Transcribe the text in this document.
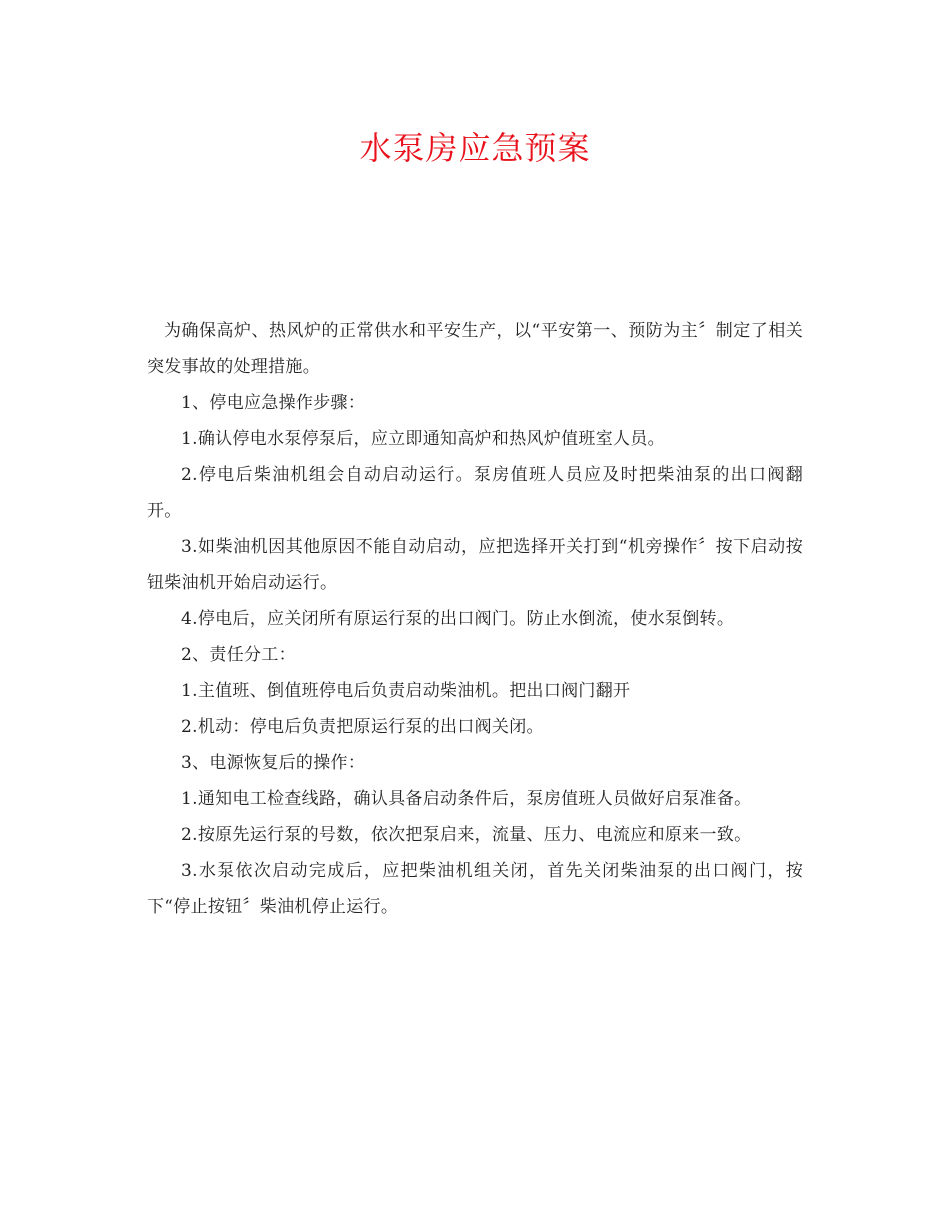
水泵房应急预案

为确保高炉、热风炉的正常供水和平安生产，以“平安第一、预防为主〞制定了相关突发事故的处理措施。

1、停电应急操作步骤：

1.确认停电水泵停泵后，应立即通知高炉和热风炉值班室人员。

2.停电后柴油机组会自动启动运行。泵房值班人员应及时把柴油泵的出口阀翻开。

3.如柴油机因其他原因不能自动启动，应把选择开关打到“机旁操作〞按下启动按钮柴油机开始启动运行。

4.停电后，应关闭所有原运行泵的出口阀门。防止水倒流，使水泵倒转。

2、责任分工：

1.主值班、倒值班停电后负责启动柴油机。把出口阀门翻开

2.机动：停电后负责把原运行泵的出口阀关闭。

3、电源恢复后的操作：

1.通知电工检查线路，确认具备启动条件后，泵房值班人员做好启泵准备。

2.按原先运行泵的号数，依次把泵启来，流量、压力、电流应和原来一致。

3.水泵依次启动完成后，应把柴油机组关闭，首先关闭柴油泵的出口阀门，按下“停止按钮〞柴油机停止运行。
